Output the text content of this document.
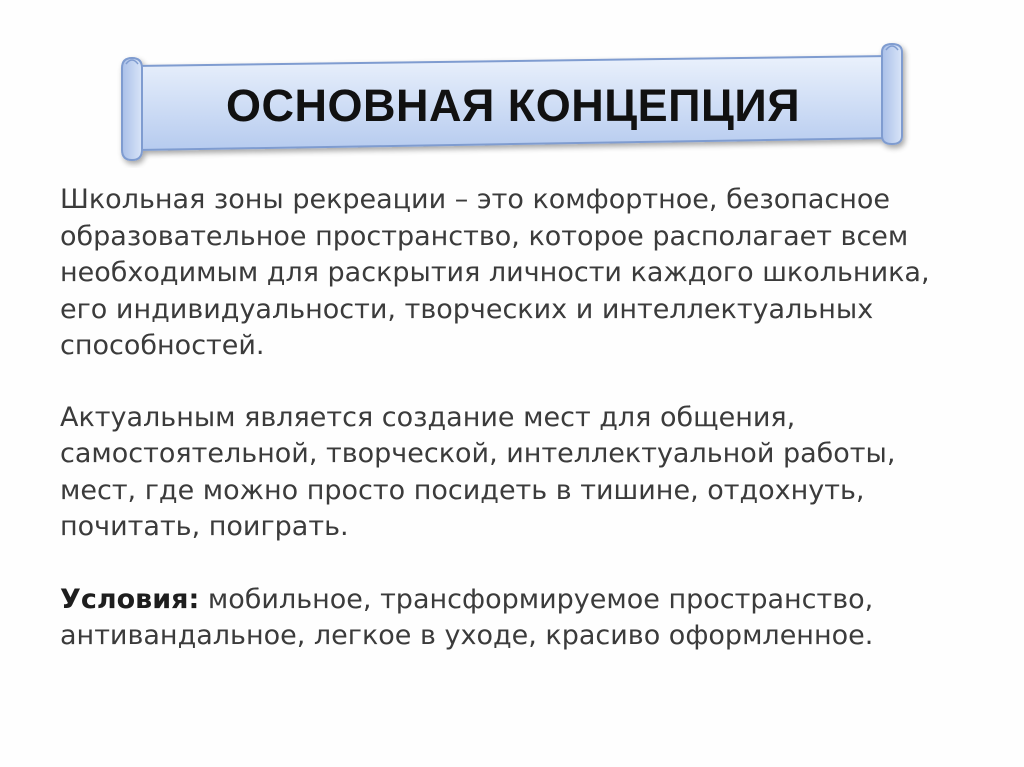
ОСНОВНАЯ КОНЦЕПЦИЯ

Школьная зоны рекреации – это комфортное, безопасное образовательное пространство, которое располагает всем необходимым для раскрытия личности каждого школьника, его индивидуальности, творческих и интеллектуальных способностей.

Актуальным является создание мест для общения, самостоятельной, творческой, интеллектуальной работы, мест, где можно просто посидеть в тишине, отдохнуть, почитать, поиграть.

Условия: мобильное, трансформируемое пространство, антивандальное, легкое в уходе, красиво оформленное.
